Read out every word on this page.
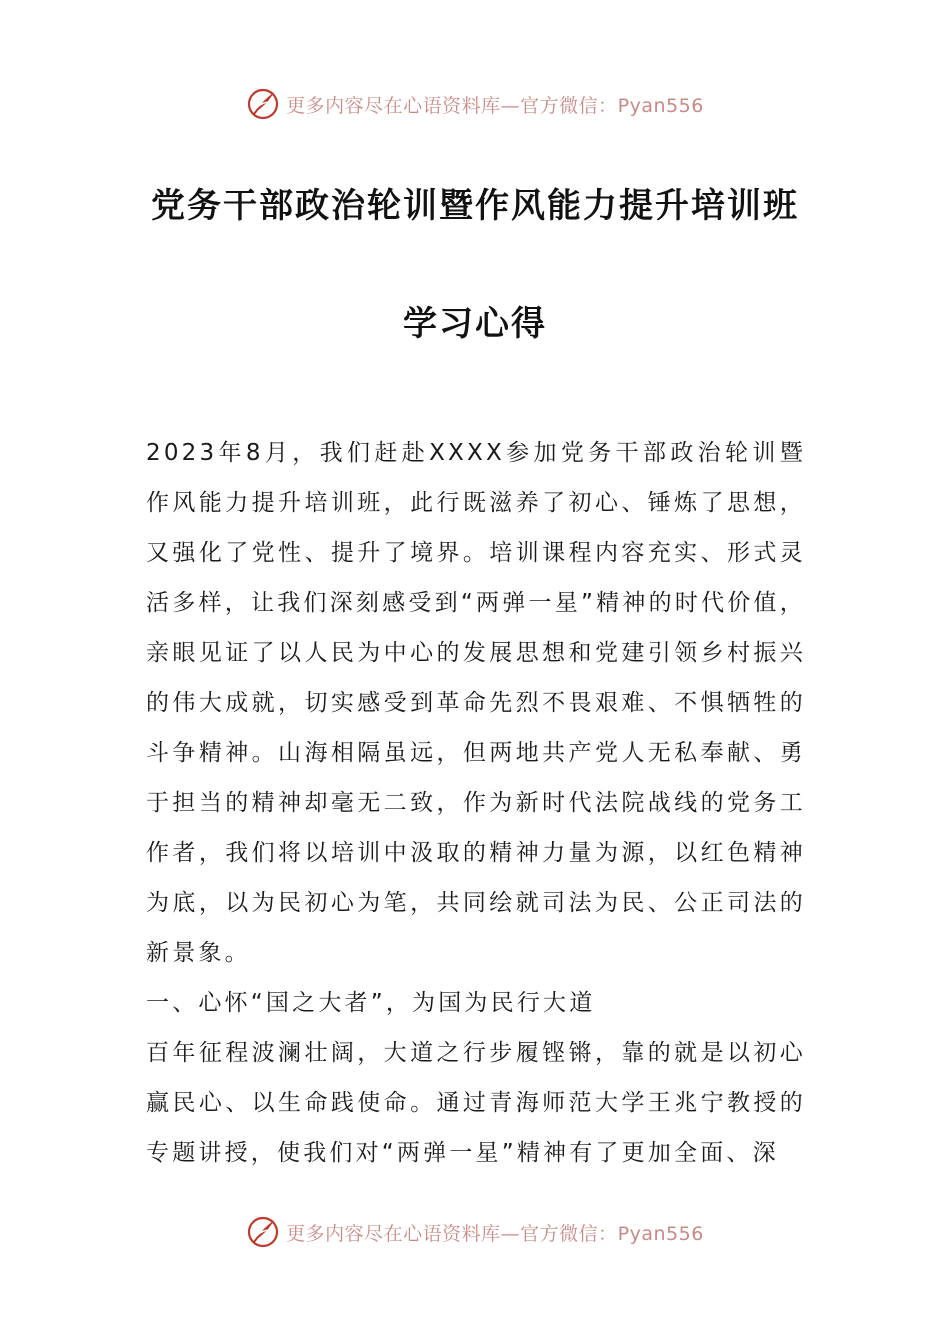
更多内容尽在心语资料库—官方微信：Pyan556
党务干部政治轮训暨作风能力提升培训班
学习心得

2023年8月，我们赶赴XXXX参加党务干部政治轮训暨作风能力提升培训班，此行既滋养了初心、锤炼了思想，又强化了党性、提升了境界。培训课程内容充实、形式灵活多样，让我们深刻感受到“两弹一星”精神的时代价值，亲眼见证了以人民为中心的发展思想和党建引领乡村振兴的伟大成就，切实感受到革命先烈不畏艰难、不惧牺牲的斗争精神。山海相隔虽远，但两地共产党人无私奉献、勇于担当的精神却毫无二致，作为新时代法院战线的党务工作者，我们将以培训中汲取的精神力量为源，以红色精神为底，以为民初心为笔，共同绘就司法为民、公正司法的新景象。

一、心怀“国之大者”，为国为民行大道

百年征程波澜壮阔，大道之行步履铿锵，靠的就是以初心赢民心、以生命践使命。通过青海师范大学王兆宁教授的专题讲授，使我们对“两弹一星”精神有了更加全面、深

更多内容尽在心语资料库—官方微信：Pyan556
